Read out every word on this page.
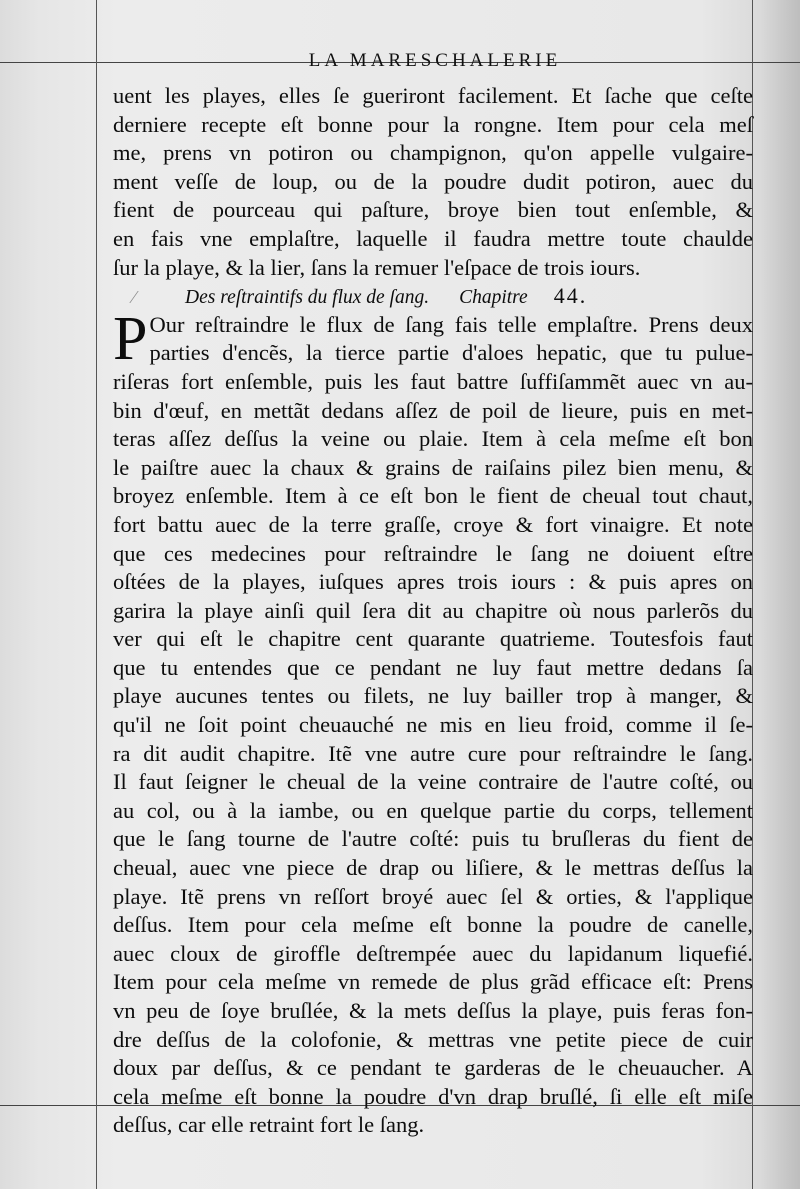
LA MARESCHALERIE
uent les playes, elles ſe gueriront facilement. Et ſache que ceſte
derniere recepte eſt bonne pour la rongne. Item pour cela meſ
me, prens vn potiron ou champignon, qu'on appelle vulgaire-
ment veſſe de loup, ou de la poudre dudit potiron, auec du
fient de pourceau qui paſture, broye bien tout enſemble, &
en fais vne emplaſtre, laquelle il faudra mettre toute chaulde
ſur la playe, & la lier, ſans la remuer l'eſpace de trois iours.
⁄	Des reſtraintifs du flux de ſang. Chapitre 44.
P Our reſtraindre le flux de ſang fais telle emplaſtre. Prens deux
parties d'encẽs, la tierce partie d'aloes hepatic, que tu pulue-
riſeras fort enſemble, puis les faut battre ſuffiſammẽt auec vn au-
bin d'œuf, en mettãt dedans aſſez de poil de lieure, puis en met-
teras aſſez deſſus la veine ou plaie. Item à cela meſme eſt bon
le paiſtre auec la chaux & grains de raiſains pilez bien menu, &
broyez enſemble. Item à ce eſt bon le fient de cheual tout chaut,
fort battu auec de la terre graſſe, croye & fort vinaigre. Et note
que ces medecines pour reſtraindre le ſang ne doiuent eſtre
oſtées de la playes, iuſques apres trois iours : & puis apres on
garira la playe ainſi quil ſera dit au chapitre où nous parlerõs du
ver qui eſt le chapitre cent quarante quatrieme. Toutesfois faut
que tu entendes que ce pendant ne luy faut mettre dedans ſa
playe aucunes tentes ou filets, ne luy bailler trop à manger, &
qu'il ne ſoit point cheuauché ne mis en lieu froid, comme il ſe-
ra dit audit chapitre. Itẽ vne autre cure pour reſtraindre le ſang.
Il faut ſeigner le cheual de la veine contraire de l'autre coſté, ou
au col, ou à la iambe, ou en quelque partie du corps, tellement
que le ſang tourne de l'autre coſté: puis tu bruſleras du fient de
cheual, auec vne piece de drap ou liſiere, & le mettras deſſus la
playe. Itẽ prens vn reſſort broyé auec ſel & orties, & l'applique
deſſus. Item pour cela meſme eſt bonne la poudre de canelle,
auec cloux de giroffle deſtrempée auec du lapidanum liquefié.
Item pour cela meſme vn remede de plus grãd efficace eſt: Prens
vn peu de ſoye bruſlée, & la mets deſſus la playe, puis feras fon-
dre deſſus de la colofonie, & mettras vne petite piece de cuir
doux par deſſus, & ce pendant te garderas de le cheuaucher. A
cela meſme eſt bonne la poudre d'vn drap bruſlé, ſi elle eſt miſe
deſſus, car elle retraint fort le ſang.
